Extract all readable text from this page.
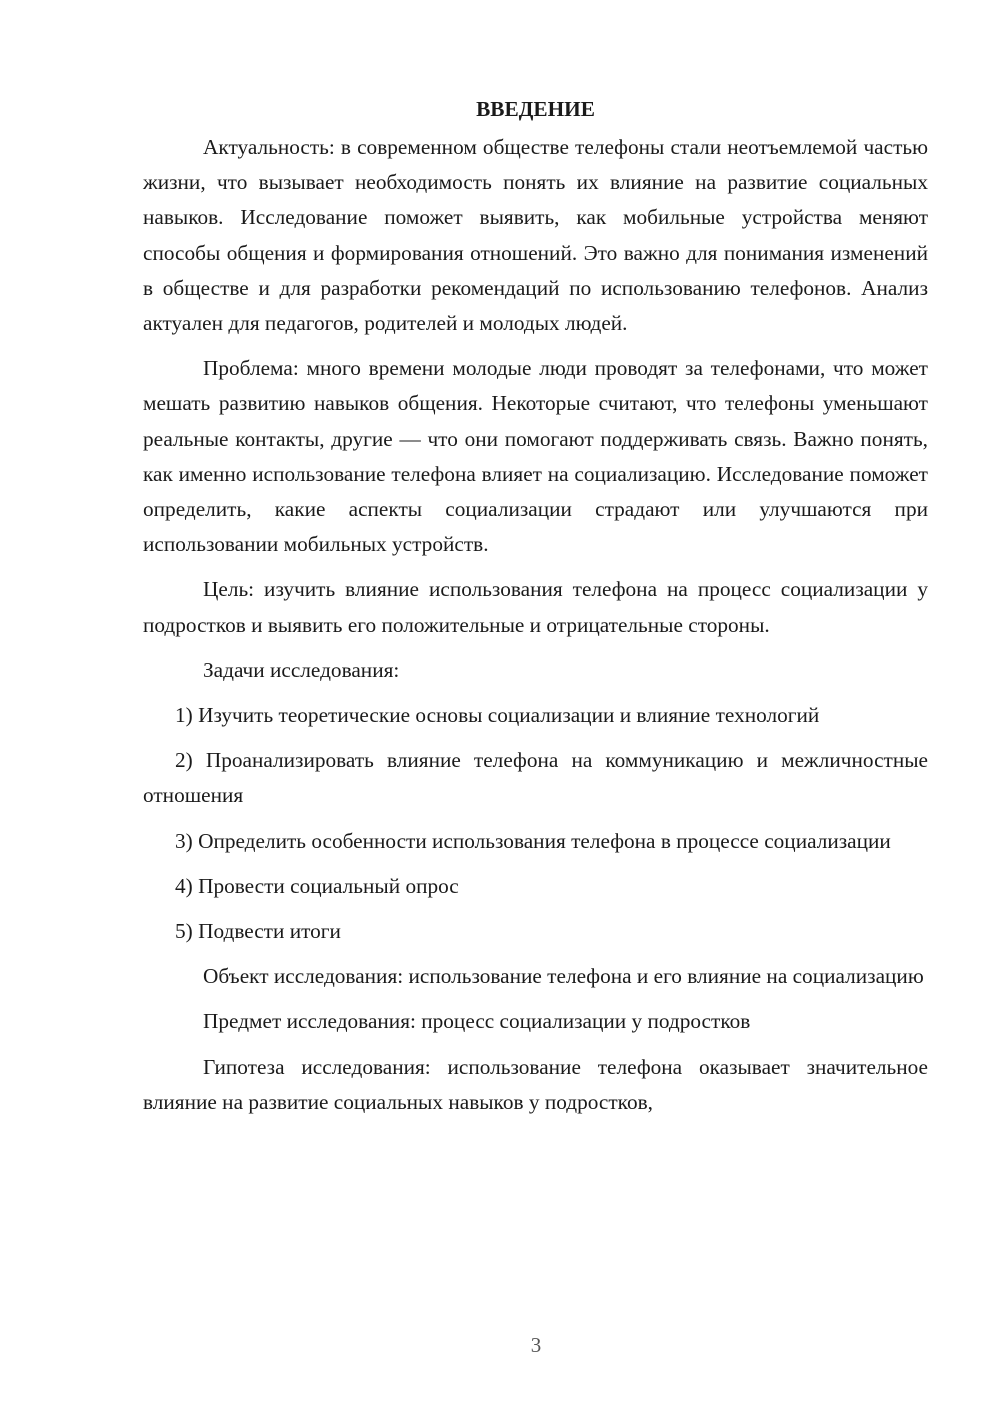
ВВЕДЕНИЕ

Актуальность: в современном обществе телефоны стали неотъемлемой частью жизни, что вызывает необходимость понять их влияние на развитие социальных навыков. Исследование поможет выявить, как мобильные устройства меняют способы общения и формирования отношений. Это важно для понимания изменений в обществе и для разработки рекомендаций по использованию телефонов. Анализ актуален для педагогов, родителей и молодых людей.

Проблема: много времени молодые люди проводят за телефонами, что может мешать развитию навыков общения. Некоторые считают, что телефоны уменьшают реальные контакты, другие — что они помогают поддерживать связь. Важно понять, как именно использование телефона влияет на социализацию. Исследование поможет определить, какие аспекты социализации страдают или улучшаются при использовании мобильных устройств.

Цель: изучить влияние использования телефона на процесс социализации у подростков и выявить его положительные и отрицательные стороны.

Задачи исследования:

1) Изучить теоретические основы социализации и влияние технологий

2) Проанализировать влияние телефона на коммуникацию и межличностные отношения

3) Определить особенности использования телефона в процессе социализации

4) Провести социальный опрос

5) Подвести итоги

Объект исследования: использование телефона и его влияние на социализацию

Предмет исследования: процесс социализации у подростков

Гипотеза исследования: использование телефона оказывает значительное влияние на развитие социальных навыков у подростков,

3
